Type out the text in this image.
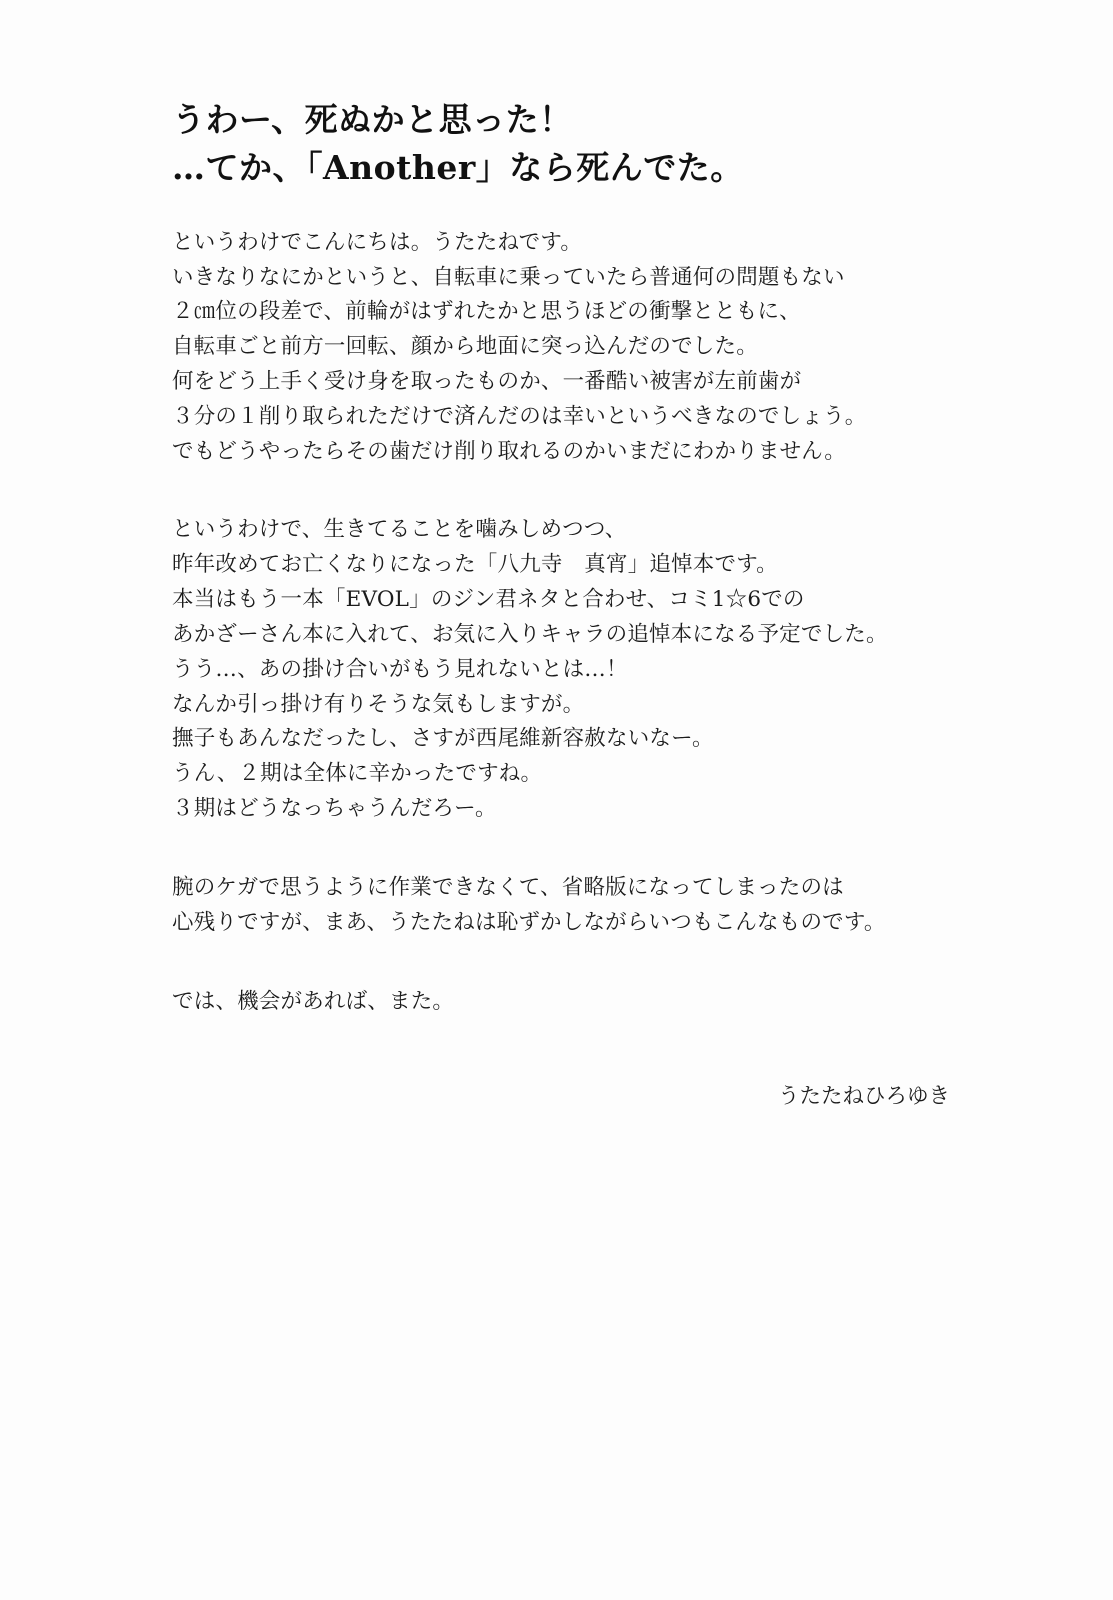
うわー、死ぬかと思った！
…てか、「Another」なら死んでた。

というわけでこんにちは。うたたねです。
いきなりなにかというと、自転車に乗っていたら普通何の問題もない
２㎝位の段差で、前輪がはずれたかと思うほどの衝撃とともに、
自転車ごと前方一回転、顔から地面に突っ込んだのでした。
何をどう上手く受け身を取ったものか、一番酷い被害が左前歯が
３分の１削り取られただけで済んだのは幸いというべきなのでしょう。
でもどうやったらその歯だけ削り取れるのかいまだにわかりません。

というわけで、生きてることを噛みしめつつ、
昨年改めてお亡くなりになった「八九寺　真宵」追悼本です。
本当はもう一本「EVOL」のジン君ネタと合わせ、コミ1☆6での
あかざーさん本に入れて、お気に入りキャラの追悼本になる予定でした。
うう…、あの掛け合いがもう見れないとは…！
なんか引っ掛け有りそうな気もしますが。
撫子もあんなだったし、さすが西尾維新容赦ないなー。
うん、２期は全体に辛かったですね。
３期はどうなっちゃうんだろー。

腕のケガで思うように作業できなくて、省略版になってしまったのは
心残りですが、まあ、うたたねは恥ずかしながらいつもこんなものです。

では、機会があれば、また。

うたたねひろゆき
